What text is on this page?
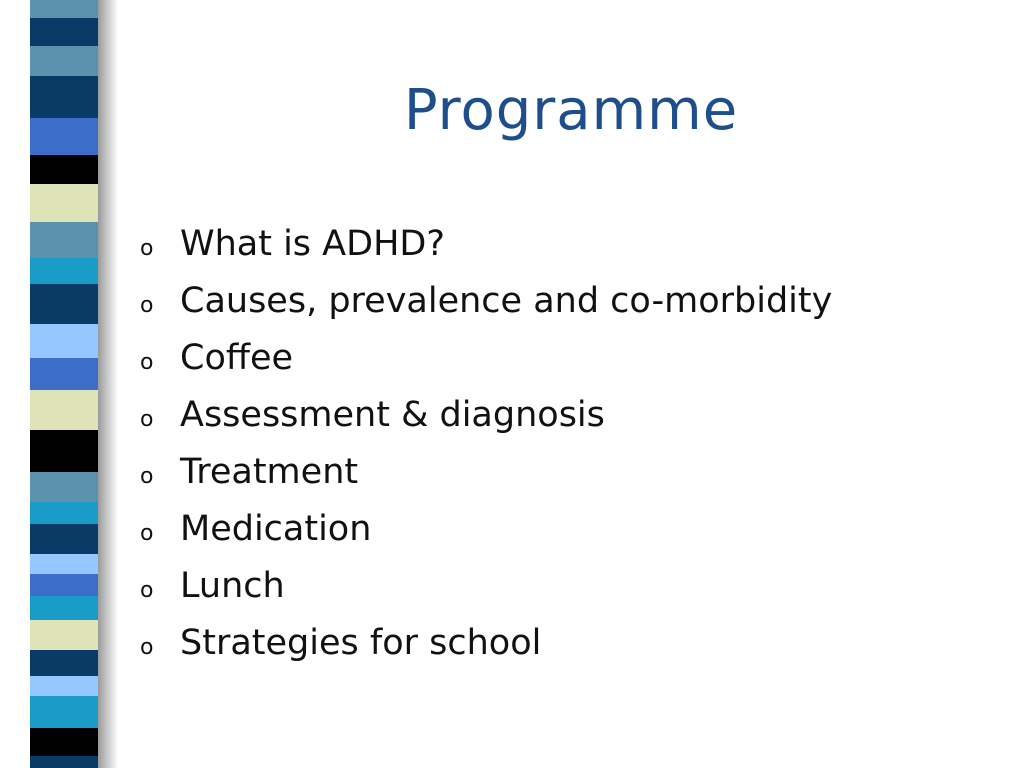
Programme
o What is ADHD?
o Causes, prevalence and co-morbidity
o Coffee
o Assessment & diagnosis
o Treatment
o Medication
o Lunch
o Strategies for school
